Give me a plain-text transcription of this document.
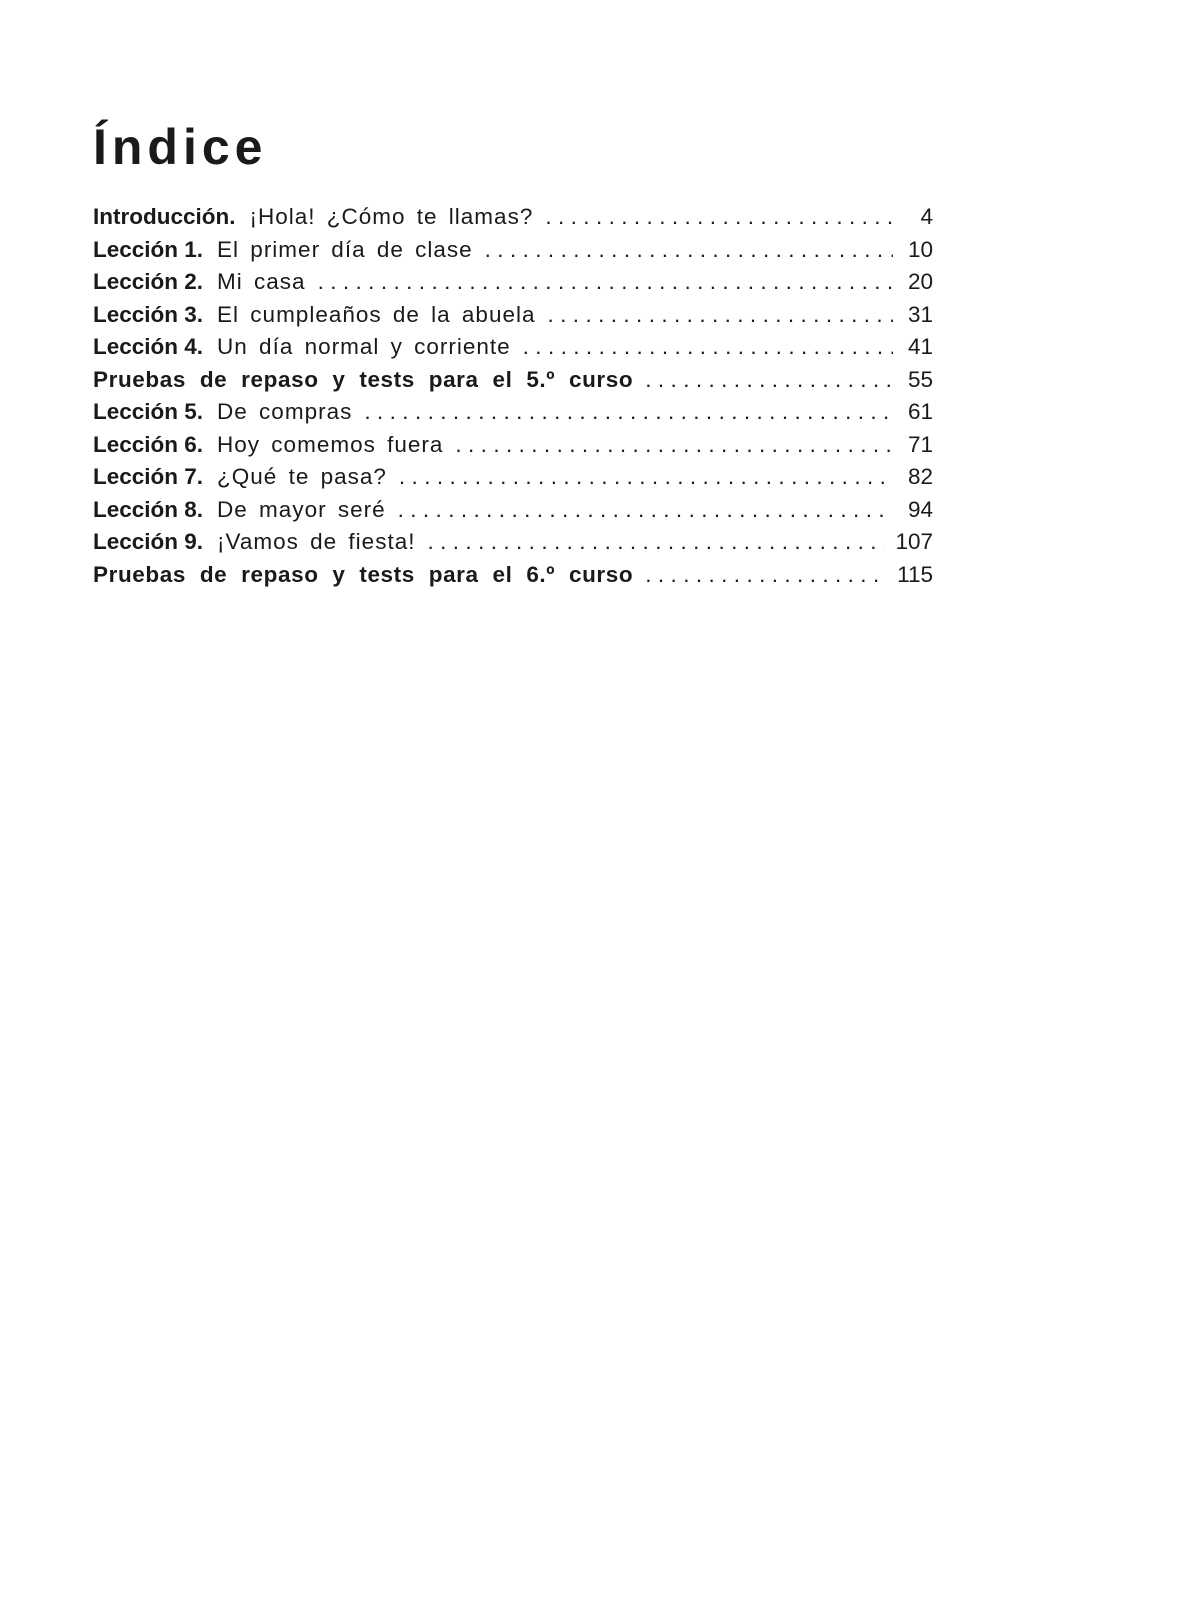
Índice
Introducción. ¡Hola! ¿Cómo te llamas? .....	4
Lección 1. El primer día de clase .....	10
Lección 2. Mi casa .....	20
Lección 3. El cumpleaños de la abuela .....	31
Lección 4. Un día normal y corriente .....	41
Pruebas de repaso y tests para el 5.º curso .....	55
Lección 5. De compras .....	61
Lección 6. Hoy comemos fuera .....	71
Lección 7. ¿Qué te pasa? .....	82
Lección 8. De mayor seré .....	94
Lección 9. ¡Vamos de fiesta! .....	107
Pruebas de repaso y tests para el 6.º curso .....	115
